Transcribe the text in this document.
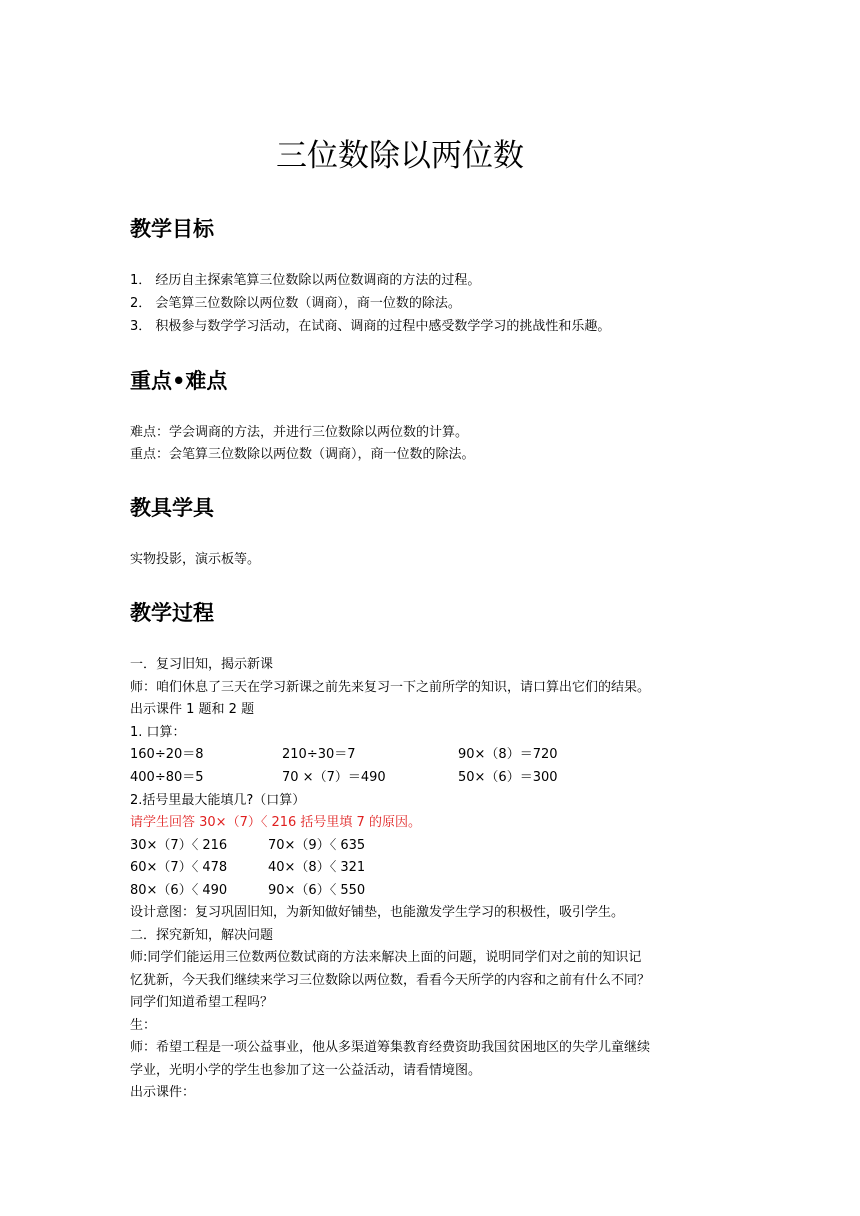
三位数除以两位数
教学目标
1． 经历自主探索笔算三位数除以两位数调商的方法的过程。
2． 会笔算三位数除以两位数（调商），商一位数的除法。
3． 积极参与数学学习活动，在试商、调商的过程中感受数学学习的挑战性和乐趣。
重点•难点
难点：学会调商的方法，并进行三位数除以两位数的计算。
重点：会笔算三位数除以两位数（调商），商一位数的除法。
教具学具
实物投影，演示板等。
教学过程
一．复习旧知，揭示新课
师：咱们休息了三天在学习新课之前先来复习一下之前所学的知识，请口算出它们的结果。
出示课件 1 题和 2 题
1. 口算：
160÷20＝8	210÷30＝7	90×（8）＝720
400÷80＝5	70 ×（7）＝490	50×（6）＝300
2.括号里最大能填几?（口算）
请学生回答 30×（7）〈 216 括号里填 7 的原因。
30×（7）〈 216	70×（9）〈 635
60×（7）〈 478	40×（8）〈 321
80×（6）〈 490	90×（6）〈 550
设计意图：复习巩固旧知，为新知做好铺垫，也能激发学生学习的积极性，吸引学生。
二．探究新知，解决问题
师:同学们能运用三位数两位数试商的方法来解决上面的问题，说明同学们对之前的知识记
忆犹新，今天我们继续来学习三位数除以两位数，看看今天所学的内容和之前有什么不同？
同学们知道希望工程吗？
生：
师：希望工程是一项公益事业，他从多渠道筹集教育经费资助我国贫困地区的失学儿童继续
学业，光明小学的学生也参加了这一公益活动，请看情境图。
出示课件：
